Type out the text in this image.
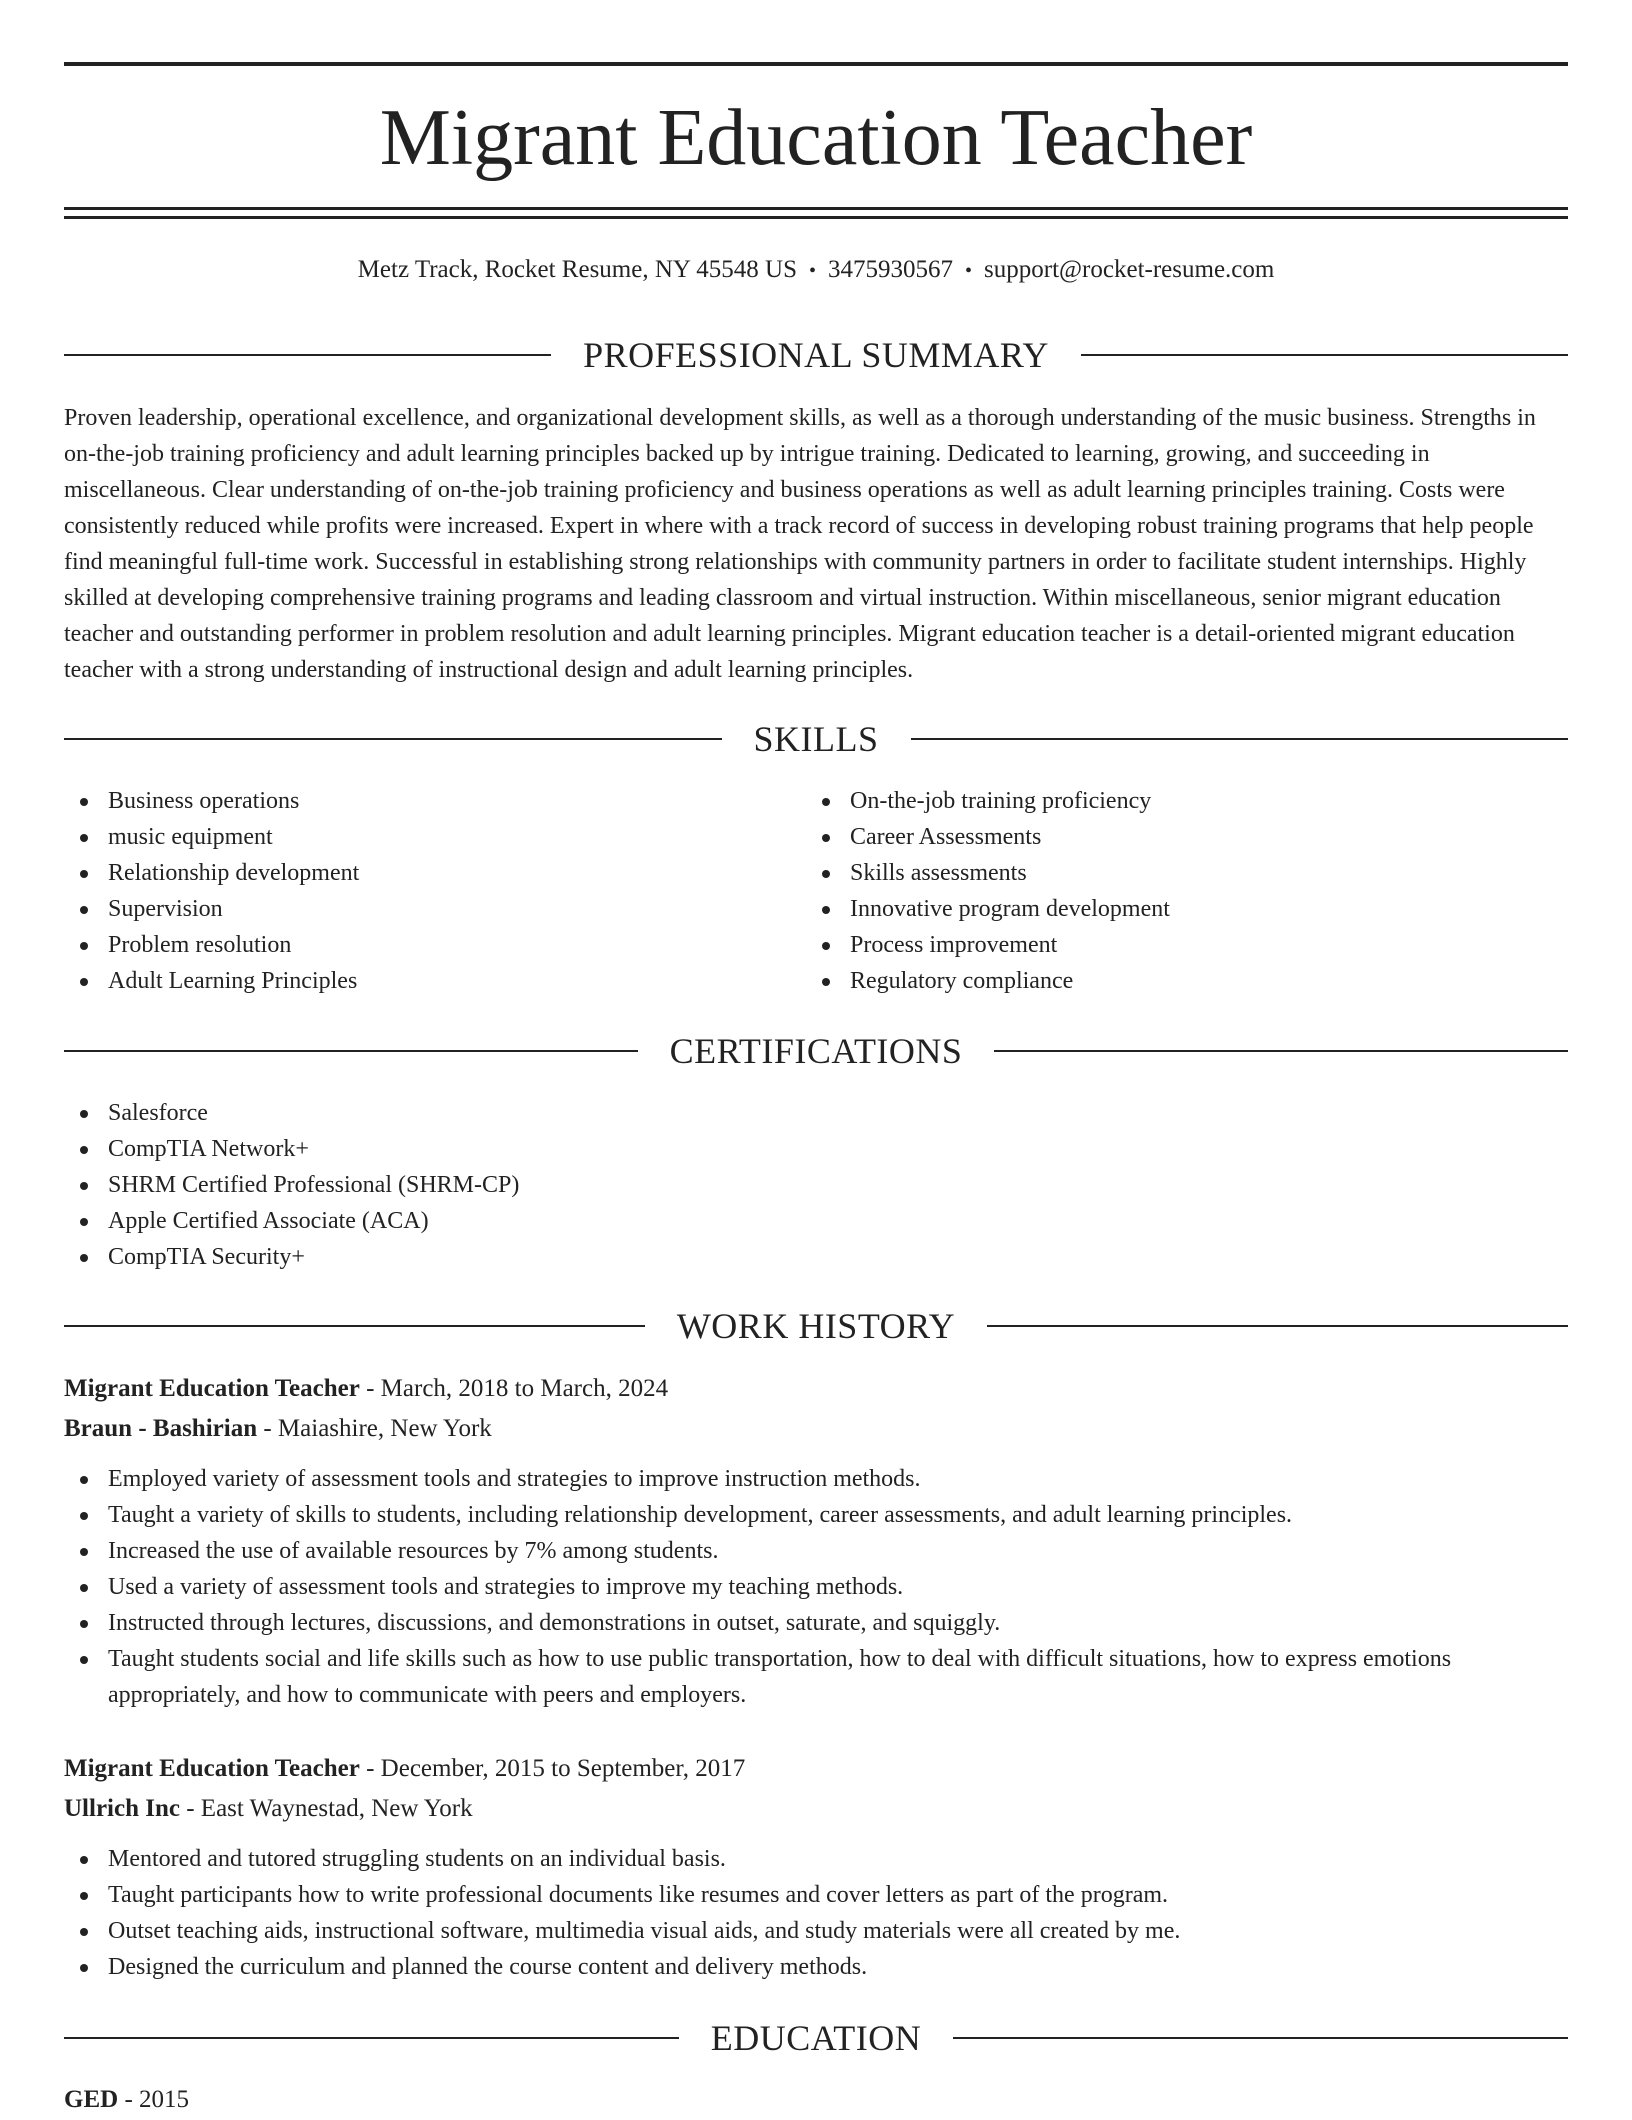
Migrant Education Teacher
Metz Track, Rocket Resume, NY 45548 US • 3475930567 • support@rocket-resume.com
PROFESSIONAL SUMMARY

Proven leadership, operational excellence, and organizational development skills, as well as a thorough understanding of the music business. Strengths in on-the-job training proficiency and adult learning principles backed up by intrigue training. Dedicated to learning, growing, and succeeding in miscellaneous. Clear understanding of on-the-job training proficiency and business operations as well as adult learning principles training. Costs were consistently reduced while profits were increased. Expert in where with a track record of success in developing robust training programs that help people find meaningful full-time work. Successful in establishing strong relationships with community partners in order to facilitate student internships. Highly skilled at developing comprehensive training programs and leading classroom and virtual instruction. Within miscellaneous, senior migrant education teacher and outstanding performer in problem resolution and adult learning principles. Migrant education teacher is a detail-oriented migrant education teacher with a strong understanding of instructional design and adult learning principles.

SKILLS
Business operations
music equipment
Relationship development
Supervision
Problem resolution
Adult Learning Principles
On-the-job training proficiency
Career Assessments
Skills assessments
Innovative program development
Process improvement
Regulatory compliance
CERTIFICATIONS
Salesforce
CompTIA Network+
SHRM Certified Professional (SHRM-CP)
Apple Certified Associate (ACA)
CompTIA Security+
WORK HISTORY
Migrant Education Teacher - March, 2018 to March, 2024
Braun - Bashirian - Maiashire, New York
Employed variety of assessment tools and strategies to improve instruction methods.
Taught a variety of skills to students, including relationship development, career assessments, and adult learning principles.
Increased the use of available resources by 7% among students.
Used a variety of assessment tools and strategies to improve my teaching methods.
Instructed through lectures, discussions, and demonstrations in outset, saturate, and squiggly.
Taught students social and life skills such as how to use public transportation, how to deal with difficult situations, how to express emotions appropriately, and how to communicate with peers and employers.
Migrant Education Teacher - December, 2015 to September, 2017
Ullrich Inc - East Waynestad, New York
Mentored and tutored struggling students on an individual basis.
Taught participants how to write professional documents like resumes and cover letters as part of the program.
Outset teaching aids, instructional software, multimedia visual aids, and study materials were all created by me.
Designed the curriculum and planned the course content and delivery methods.
EDUCATION
GED - 2015
